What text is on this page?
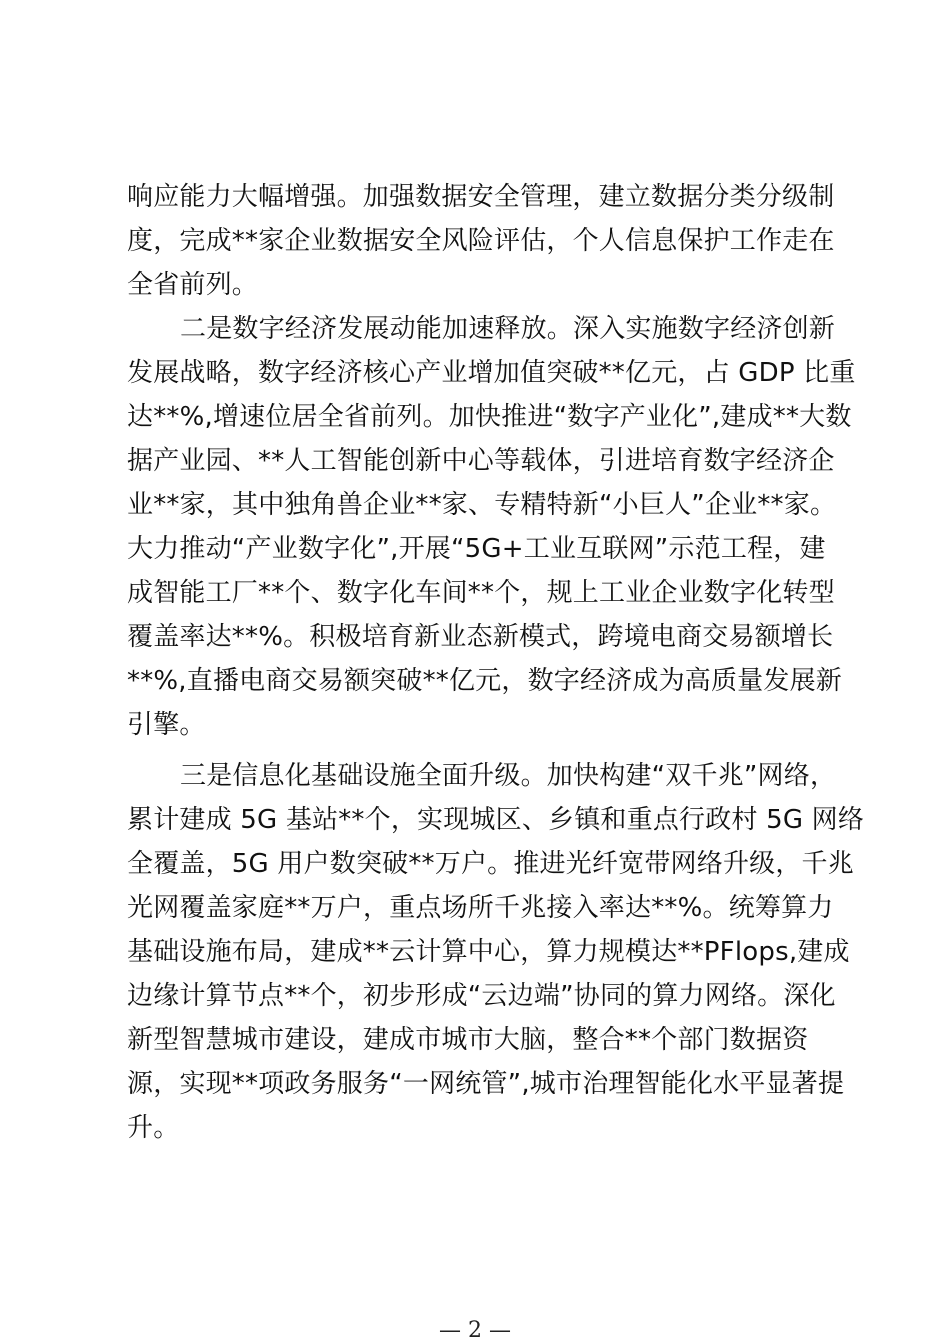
响应能力大幅增强。加强数据安全管理，建立数据分类分级制
度，完成**家企业数据安全风险评估，个人信息保护工作走在
全省前列。
二是数字经济发展动能加速释放。深入实施数字经济创新
发展战略，数字经济核心产业增加值突破**亿元，占 GDP 比重
达**%,增速位居全省前列。加快推进“数字产业化”,建成**大数
据产业园、**人工智能创新中心等载体，引进培育数字经济企
业**家，其中独角兽企业**家、专精特新“小巨人”企业**家。
大力推动“产业数字化”,开展“5G+工业互联网”示范工程，建
成智能工厂**个、数字化车间**个，规上工业企业数字化转型
覆盖率达**%。积极培育新业态新模式，跨境电商交易额增长
**%,直播电商交易额突破**亿元，数字经济成为高质量发展新
引擎。
三是信息化基础设施全面升级。加快构建“双千兆”网络，
累计建成 5G 基站**个，实现城区、乡镇和重点行政村 5G 网络
全覆盖，5G 用户数突破**万户。推进光纤宽带网络升级，千兆
光网覆盖家庭**万户，重点场所千兆接入率达**%。统筹算力
基础设施布局，建成**云计算中心，算力规模达**PFlops,建成
边缘计算节点**个，初步形成“云边端”协同的算力网络。深化
新型智慧城市建设，建成市城市大脑，整合**个部门数据资
源，实现**项政务服务“一网统管”,城市治理智能化水平显著提
升。
— 2 —
